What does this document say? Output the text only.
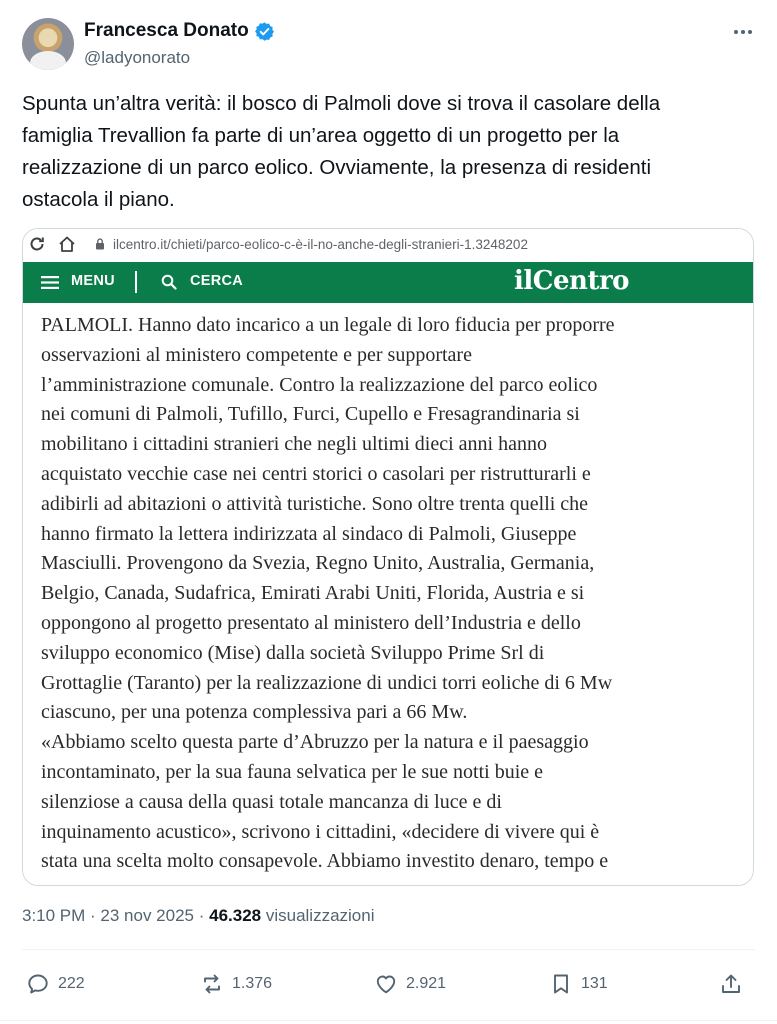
Francesca Donato
@ladyonorato
Spunta un’altra verità: il bosco di Palmoli dove si trova il casolare della
famiglia Trevallion fa parte di un’area oggetto di un progetto per la
realizzazione di un parco eolico. Ovviamente, la presenza di residenti
ostacola il piano.
ilcentro.it/chieti/parco-eolico-c-è-il-no-anche-degli-stranieri-1.3248202
MENU	CERCA	ilCentro
PALMOLI. Hanno dato incarico a un legale di loro fiducia per proporre
osservazioni al ministero competente e per supportare
l’amministrazione comunale. Contro la realizzazione del parco eolico
nei comuni di Palmoli, Tufillo, Furci, Cupello e Fresagrandinaria si
mobilitano i cittadini stranieri che negli ultimi dieci anni hanno
acquistato vecchie case nei centri storici o casolari per ristrutturarli e
adibirli ad abitazioni o attività turistiche. Sono oltre trenta quelli che
hanno firmato la lettera indirizzata al sindaco di Palmoli, Giuseppe
Masciulli. Provengono da Svezia, Regno Unito, Australia, Germania,
Belgio, Canada, Sudafrica, Emirati Arabi Uniti, Florida, Austria e si
oppongono al progetto presentato al ministero dell’Industria e dello
sviluppo economico (Mise) dalla società Sviluppo Prime Srl di
Grottaglie (Taranto) per la realizzazione di undici torri eoliche di 6 Mw
ciascuno, per una potenza complessiva pari a 66 Mw.
«Abbiamo scelto questa parte d’Abruzzo per la natura e il paesaggio
incontaminato, per la sua fauna selvatica per le sue notti buie e
silenziose a causa della quasi totale mancanza di luce e di
inquinamento acustico», scrivono i cittadini, «decidere di vivere qui è
stata una scelta molto consapevole. Abbiamo investito denaro, tempo e
3:10 PM · 23 nov 2025 · 46.328 visualizzazioni
222	1.376	2.921	131
